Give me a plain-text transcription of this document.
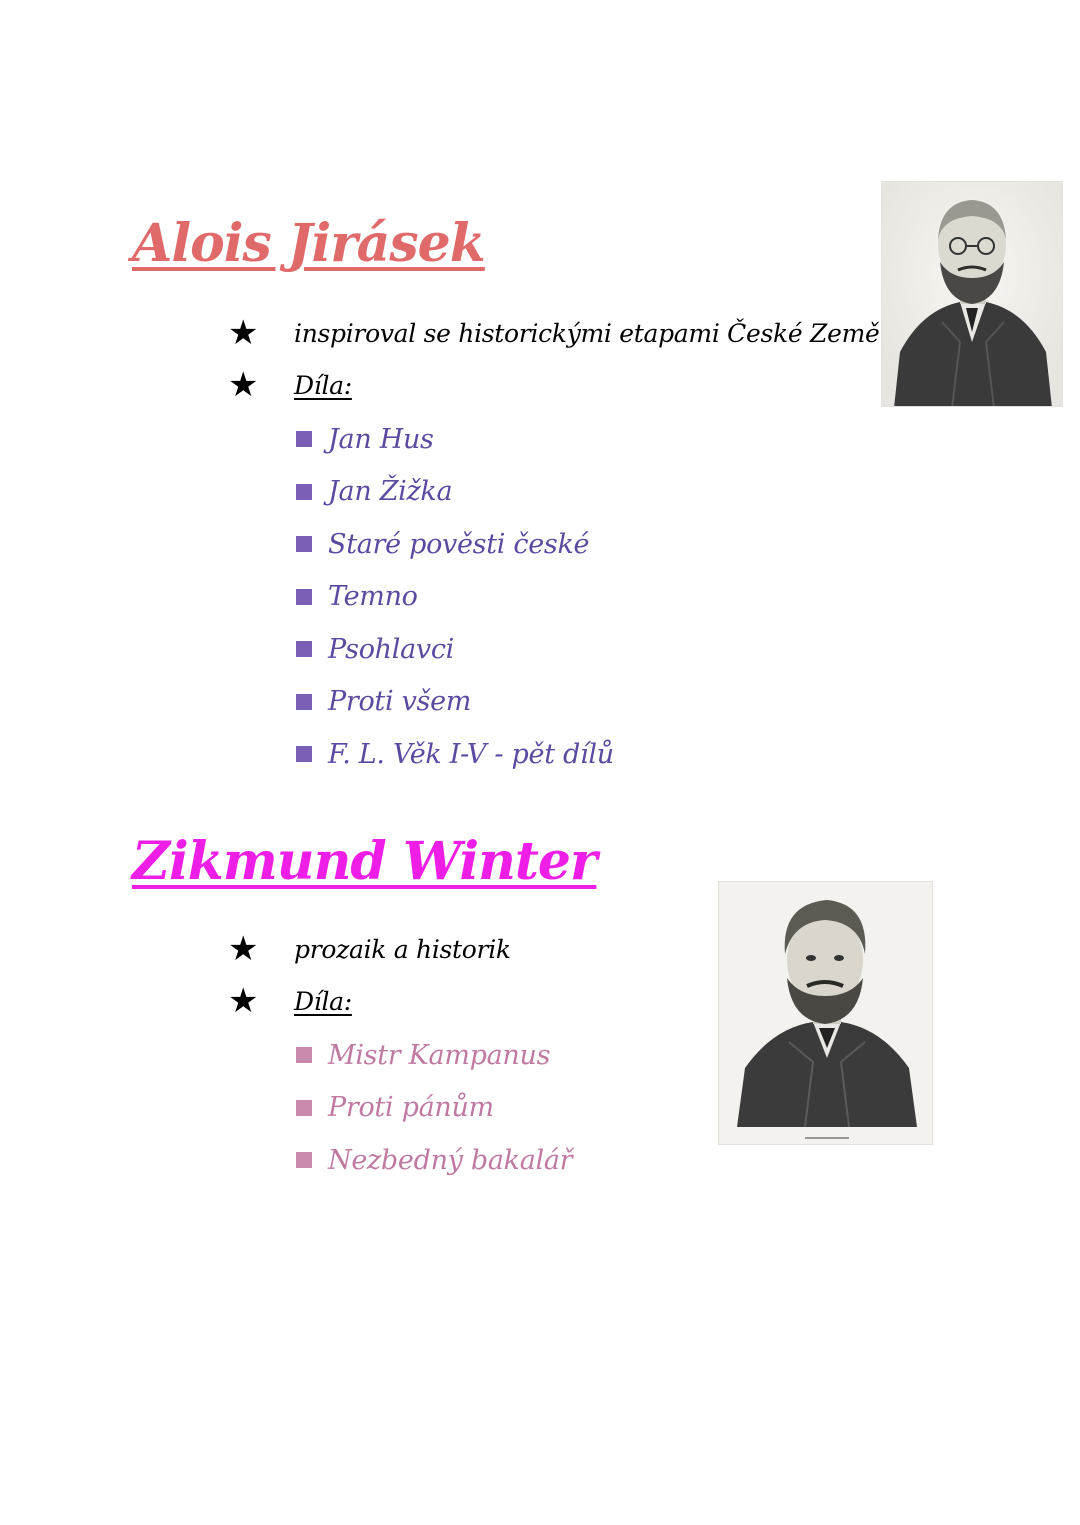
Alois Jirásek
★	inspiroval se historickými etapami České Země
★	Díla:
Jan Hus
Jan Žižka
Staré pověsti české
Temno
Psohlavci
Proti všem
F. L. Věk I-V - pět dílů
Zikmund Winter
★	prozaik a historik
★	Díla:
Mistr Kampanus
Proti pánům
Nezbedný bakalář
